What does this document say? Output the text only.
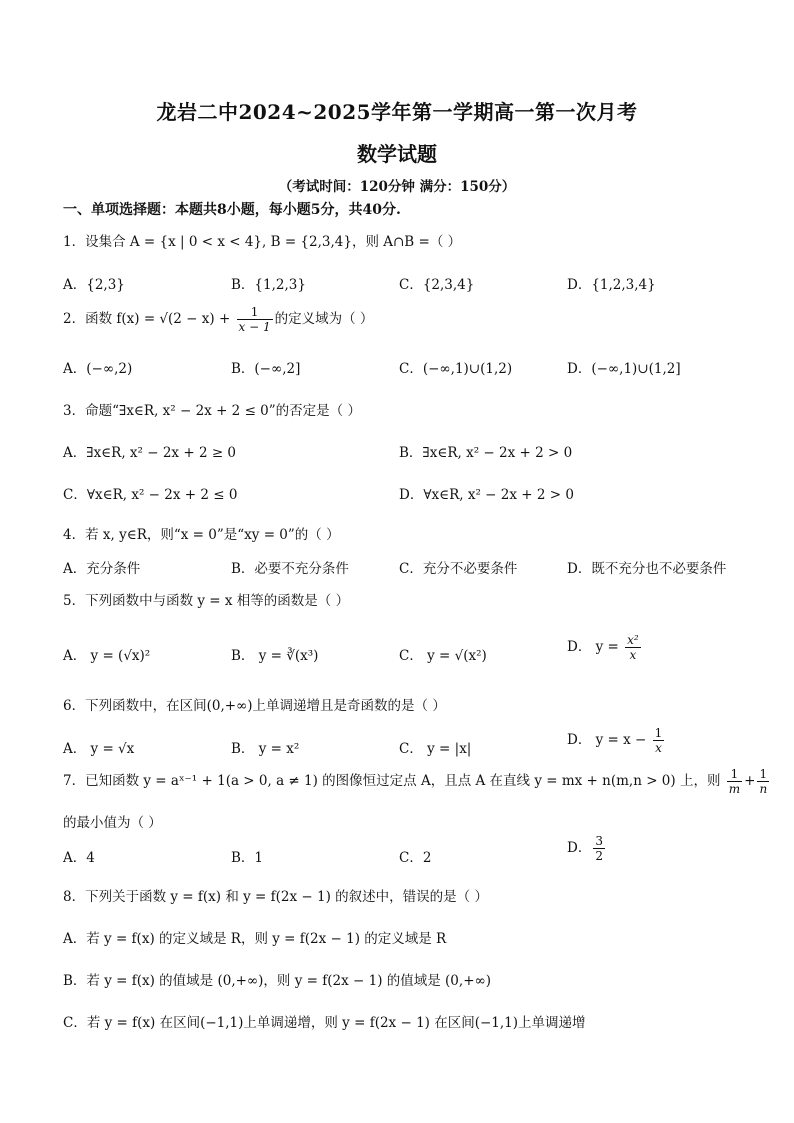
龙岩二中2024~2025学年第一学期高一第一次月考
数学试题
（考试时间：120分钟 满分：150分）
一、单项选择题：本题共8小题，每小题5分，共40分.
1．设集合 A = {x | 0 < x < 4}, B = {2,3,4}，则 A∩B =（ ）
A．{2,3}	B．{1,2,3}	C．{2,3,4}	D．{1,2,3,4}
2．函数 $f(x) = √(2 - x) + \frac{1}{x - 1}$ 的定义域为（ ）
A．(−∞,2)	B．(−∞,2]	C．(−∞,1)∪(1,2)	D．(−∞,1)∪(1,2]
3．命题“∃x∈R, x² − 2x + 2 ≤ 0”的否定是（ ）
A．∃x∈R, x² − 2x + 2 ≥ 0	B．∃x∈R, x² − 2x + 2 > 0
C．∀x∈R, x² − 2x + 2 ≤ 0	D．∀x∈R, x² − 2x + 2 > 0
4．若 x, y∈R，则“x = 0”是“xy = 0”的（ ）
A．充分条件	B．必要不充分条件	C．充分不必要条件	D．既不充分也不必要条件
5．下列函数中与函数 y = x 相等的函数是（ ）
A． y = (√x)²	B． y = ∛(x³)	C． y = √(x²)
D． $y = \frac{\text{x²}}{x}$
6．下列函数中，在区间(0,+∞)上单调递增且是奇函数的是（ ）
A． y = √x	B． y = x²	C． y = |x|
D． $y = x - \frac{1}{x}$
7．已知函数 y = aˣ⁻¹ + 1(a > 0, a ≠ 1) 的图像恒过定点 A，且点 A 在直线 y = mx + n(m,n > 0) 上，则 $\frac{1}{m} + \frac{1}{n}$
的最小值为（ ）
A．4	B．1	C．2
D． $\frac{3}{2}$
8．下列关于函数 y = f(x) 和 y = f(2x − 1) 的叙述中，错误的是（ ）
A．若 y = f(x) 的定义域是 R，则 y = f(2x − 1) 的定义域是 R
B．若 y = f(x) 的值域是 (0,+∞)，则 y = f(2x − 1) 的值域是 (0,+∞)
C．若 y = f(x) 在区间(−1,1)上单调递增，则 y = f(2x − 1) 在区间(−1,1)上单调递增
